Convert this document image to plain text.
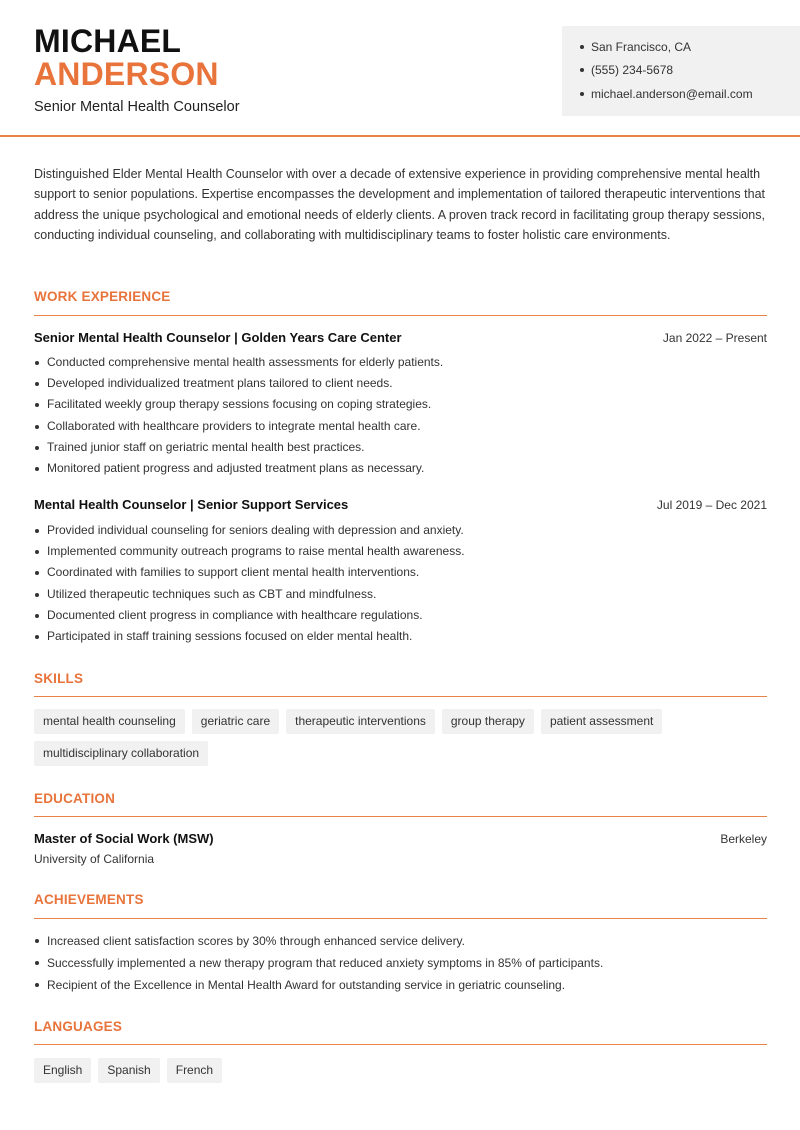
MICHAEL
ANDERSON
Senior Mental Health Counselor
San Francisco, CA
(555) 234-5678
michael.anderson@email.com

Distinguished Elder Mental Health Counselor with over a decade of extensive experience in providing comprehensive mental health support to senior populations. Expertise encompasses the development and implementation of tailored therapeutic interventions that address the unique psychological and emotional needs of elderly clients. A proven track record in facilitating group therapy sessions, conducting individual counseling, and collaborating with multidisciplinary teams to foster holistic care environments.

WORK EXPERIENCE
Senior Mental Health Counselor | Golden Years Care Center	Jan 2022 – Present
Conducted comprehensive mental health assessments for elderly patients.
Developed individualized treatment plans tailored to client needs.
Facilitated weekly group therapy sessions focusing on coping strategies.
Collaborated with healthcare providers to integrate mental health care.
Trained junior staff on geriatric mental health best practices.
Monitored patient progress and adjusted treatment plans as necessary.
Mental Health Counselor | Senior Support Services	Jul 2019 – Dec 2021
Provided individual counseling for seniors dealing with depression and anxiety.
Implemented community outreach programs to raise mental health awareness.
Coordinated with families to support client mental health interventions.
Utilized therapeutic techniques such as CBT and mindfulness.
Documented client progress in compliance with healthcare regulations.
Participated in staff training sessions focused on elder mental health.
SKILLS
mental health counseling	geriatric care	therapeutic interventions	group therapy	patient assessment
multidisciplinary collaboration
EDUCATION
Master of Social Work (MSW)
University of California
Berkeley
ACHIEVEMENTS
Increased client satisfaction scores by 30% through enhanced service delivery.
Successfully implemented a new therapy program that reduced anxiety symptoms in 85% of participants.
Recipient of the Excellence in Mental Health Award for outstanding service in geriatric counseling.
LANGUAGES
English	Spanish	French
